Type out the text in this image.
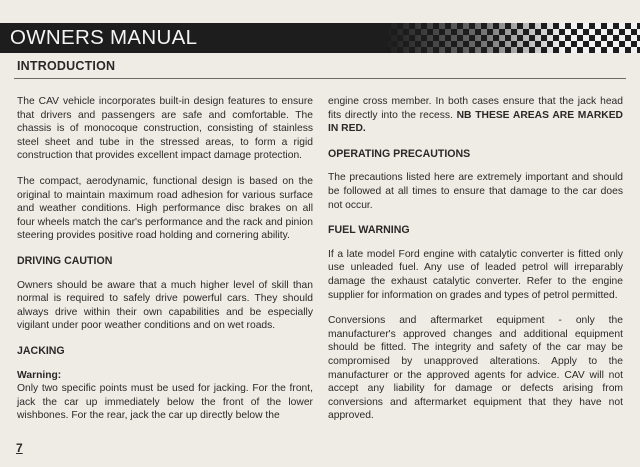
OWNERS MANUAL
INTRODUCTION

The CAV vehicle incorporates built-in design features to ensure that drivers and passengers are safe and comfortable. The chassis is of monocoque construction, consisting of stainless steel sheet and tube in the stressed areas, to form a rigid construction that provides excellent impact damage protection.

The compact, aerodynamic, functional design is based on the original to maintain maximum road adhesion for various surface and weather conditions. High performance disc brakes on all four wheels match the car's performance and the rack and pinion steering provides positive road holding and cornering ability.

DRIVING CAUTION

Owners should be aware that a much higher level of skill than normal is required to safely drive powerful cars. They should always drive within their own capabilities and be especially vigilant under poor weather conditions and on wet roads.

JACKING

Warning:
Only two specific points must be used for jacking. For the front, jack the car up immediately below the front of the lower wishbones. For the rear, jack the car up directly below the

engine cross member. In both cases ensure that the jack head fits directly into the recess. NB THESE AREAS ARE MARKED IN RED.

OPERATING PRECAUTIONS

The precautions listed here are extremely important and should be followed at all times to ensure that damage to the car does not occur.

FUEL WARNING

If a late model Ford engine with catalytic converter is fitted only use unleaded fuel. Any use of leaded petrol will irreparably damage the exhaust catalytic converter. Refer to the engine supplier for information on grades and types of petrol permitted.

Conversions and aftermarket equipment - only the manufacturer's approved changes and additional equipment should be fitted. The integrity and safety of the car may be compromised by unapproved alterations. Apply to the manufacturer or the approved agents for advice. CAV will not accept any liability for damage or defects arising from conversions and aftermarket equipment that they have not approved.

7
